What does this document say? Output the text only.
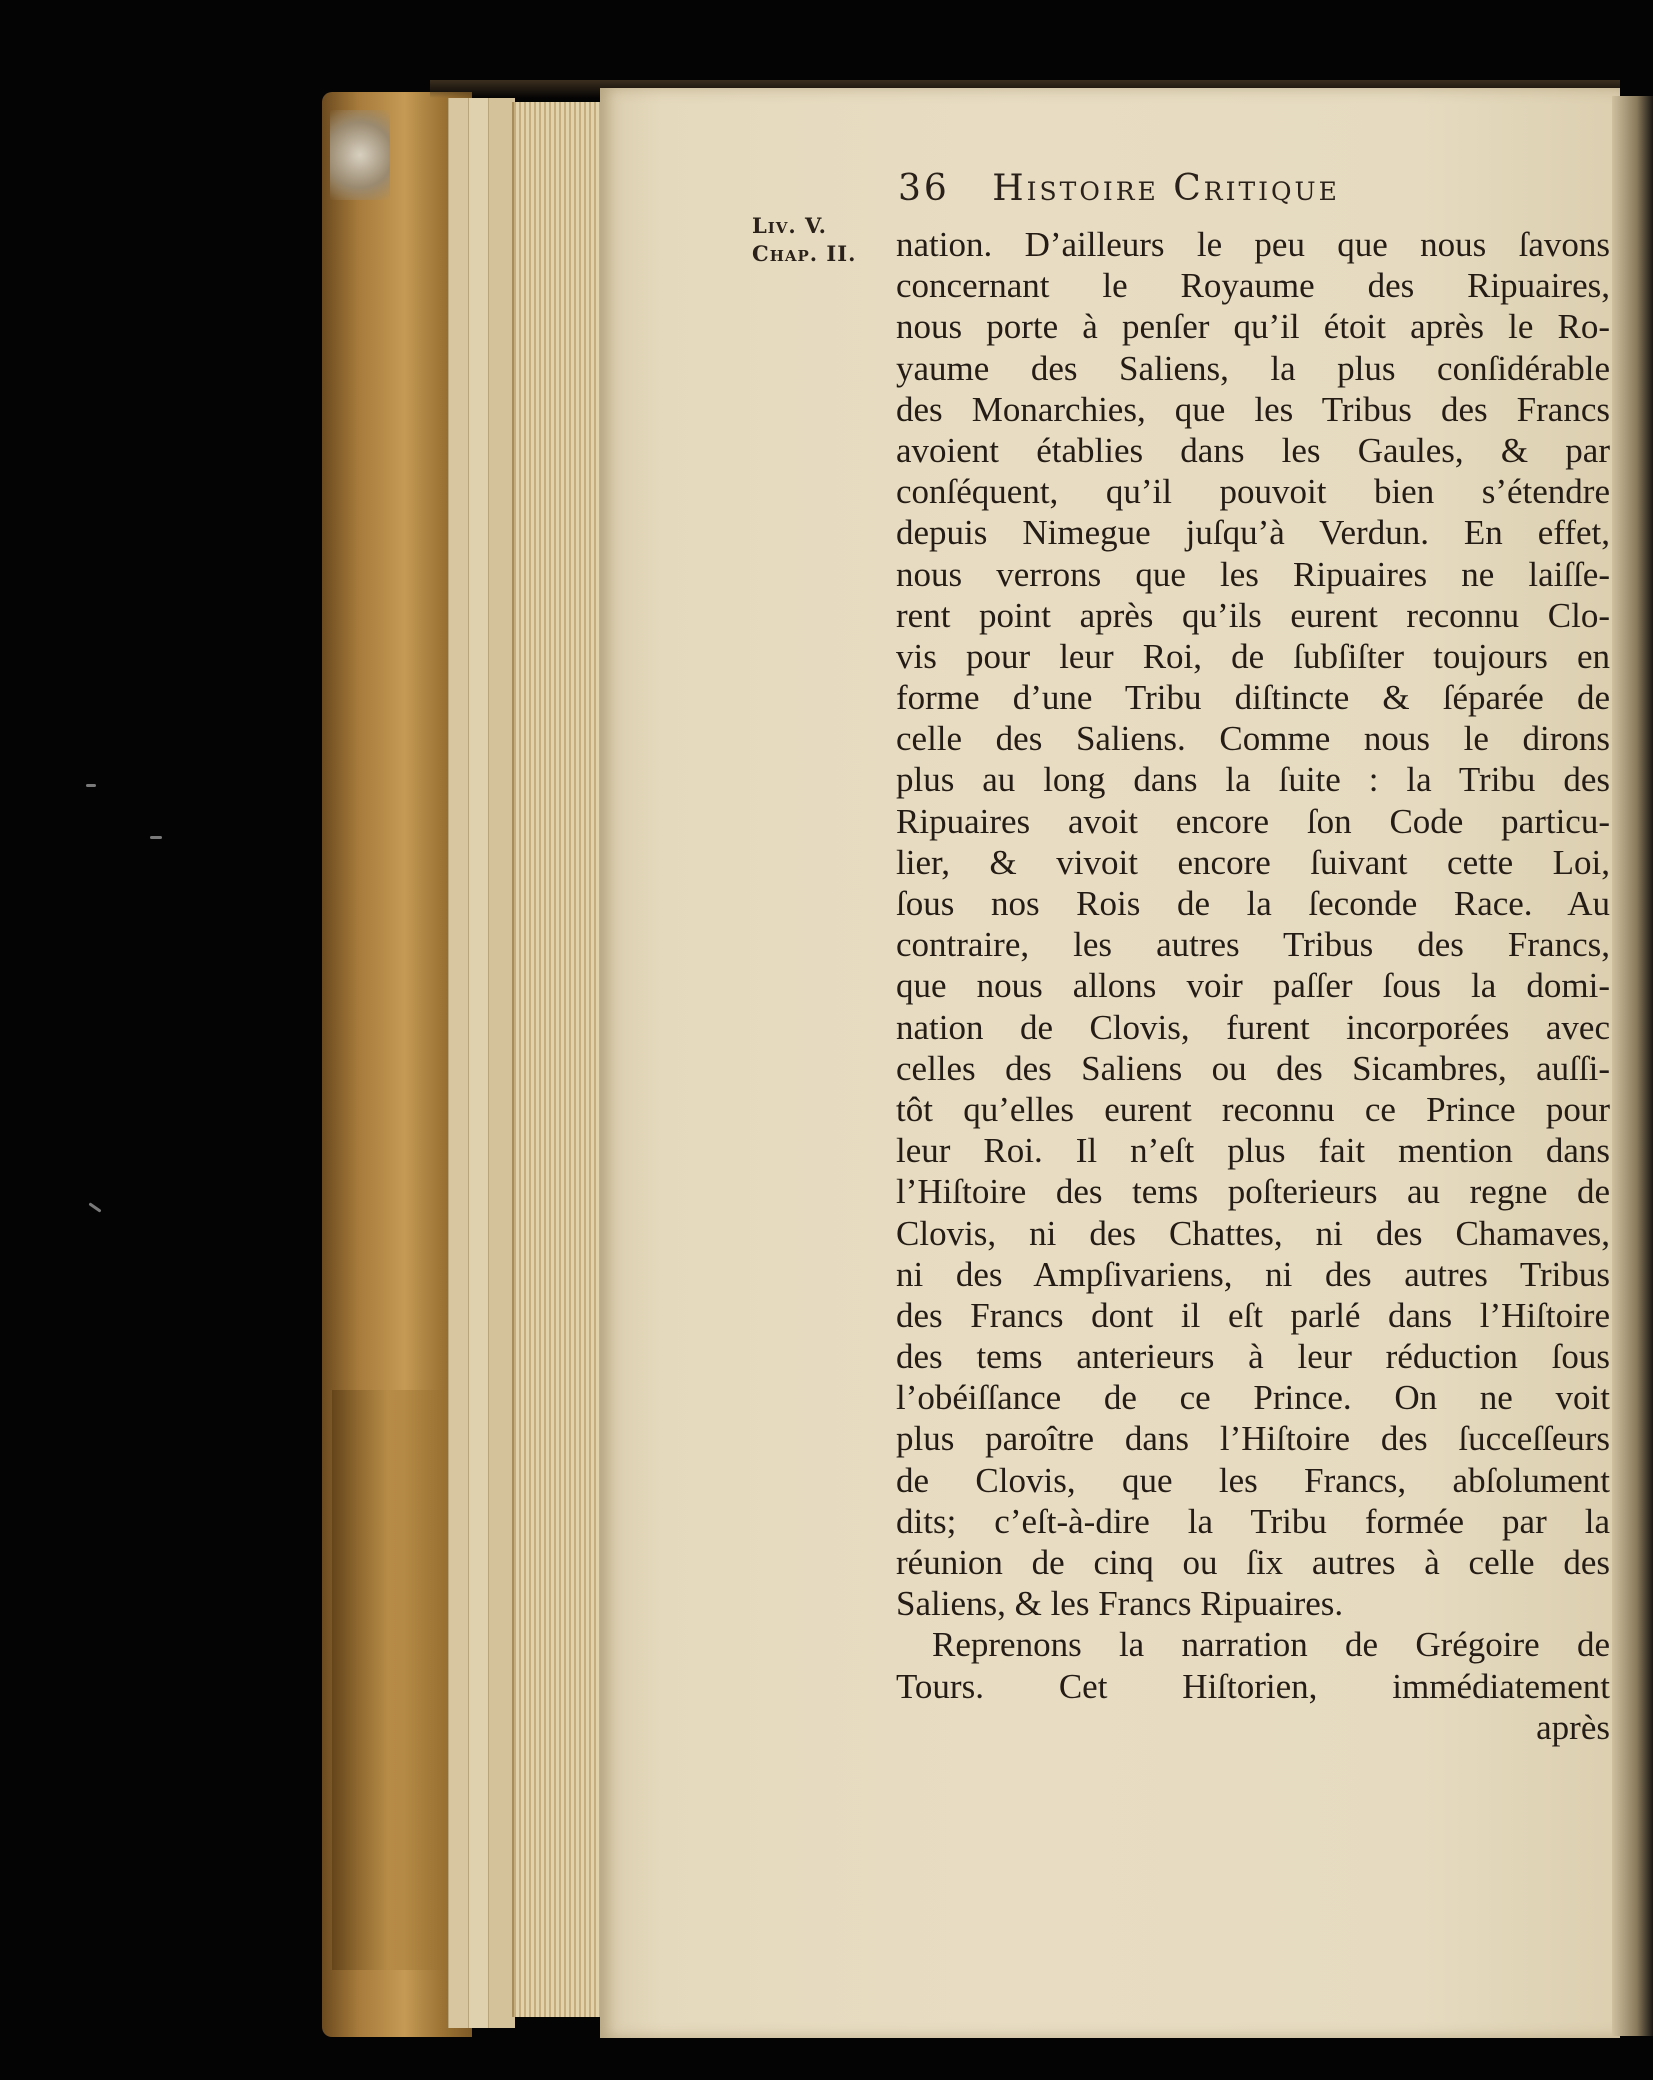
36 Histoire Critique
Liv. V.
Chap. II.	nation. D’ailleurs le peu que nous ſavons
concernant le Royaume des Ripuaires,
nous porte à penſer qu’il étoit après le Ro-
yaume des Saliens, la plus conſidérable
des Monarchies, que les Tribus des Francs
avoient établies dans les Gaules, & par
conſéquent, qu’il pouvoit bien s’étendre
depuis Nimegue juſqu’à Verdun. En effet,
nous verrons que les Ripuaires ne laiſſe-
rent point après qu’ils eurent reconnu Clo-
vis pour leur Roi, de ſubſiſter toujours en
forme d’une Tribu diſtincte & ſéparée de
celle des Saliens. Comme nous le dirons
plus au long dans la ſuite : la Tribu des
Ripuaires avoit encore ſon Code particu-
lier, & vivoit encore ſuivant cette Loi,
ſous nos Rois de la ſeconde Race. Au
contraire, les autres Tribus des Francs,
que nous allons voir paſſer ſous la domi-
nation de Clovis, furent incorporées avec
celles des Saliens ou des Sicambres, auſſi-
tôt qu’elles eurent reconnu ce Prince pour
leur Roi. Il n’eſt plus fait mention dans
l’Hiſtoire des tems poſterieurs au regne de
Clovis, ni des Chattes, ni des Chamaves,
ni des Ampſivariens, ni des autres Tribus
des Francs dont il eſt parlé dans l’Hiſtoire
des tems anterieurs à leur réduction ſous
l’obéiſſance de ce Prince. On ne voit
plus paroître dans l’Hiſtoire des ſucceſſeurs
de Clovis, que les Francs, abſolument
dits; c’eſt-à-dire la Tribu formée par la
réunion de cinq ou ſix autres à celle des
Saliens, & les Francs Ripuaires.
Reprenons la narration de Grégoire de
Tours. Cet Hiſtorien, immédiatement
après
